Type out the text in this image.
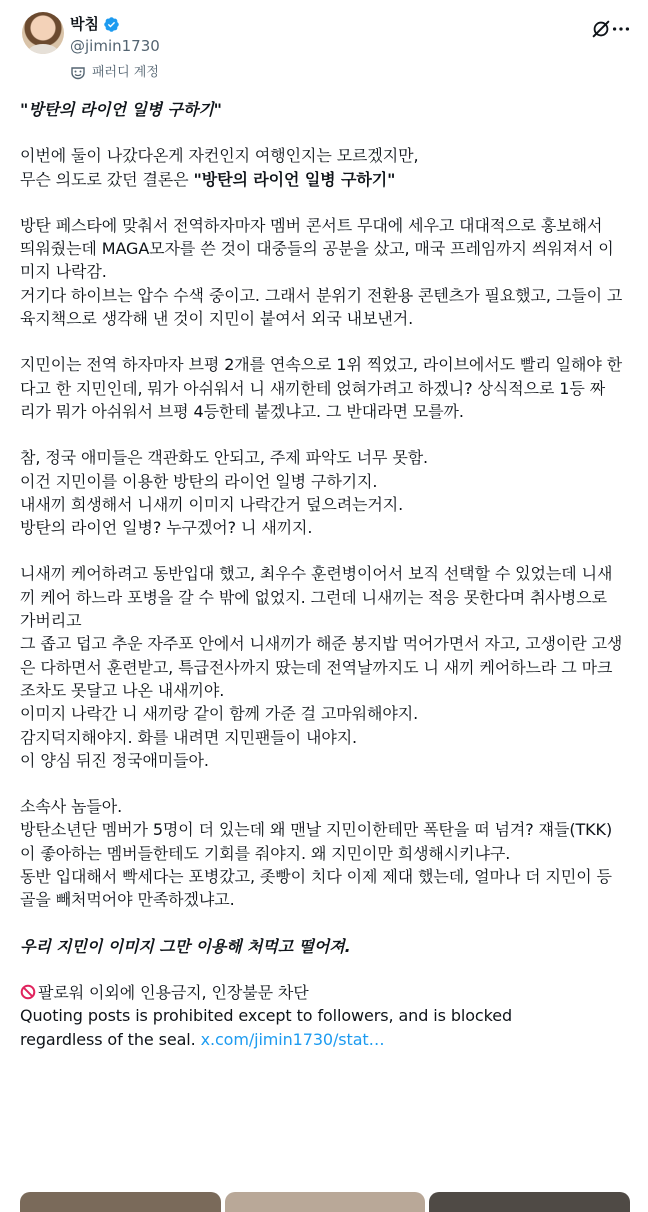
박침
@jimin1730
패러디 계정

"방탄의 라이언 일병 구하기"

이번에 둘이 나갔다온게 자컨인지 여행인지는 모르겠지만,
무슨 의도로 갔던 결론은 "방탄의 라이언 일병 구하기"

방탄 페스타에 맞춰서 전역하자마자 멤버 콘서트 무대에 세우고 대대적으로 홍보해서
띄워줬는데 MAGA모자를 쓴 것이 대중들의 공분을 샀고, 매국 프레임까지 씌워져서 이
미지 나락감.
거기다 하이브는 압수 수색 중이고. 그래서 분위기 전환용 콘텐츠가 필요했고, 그들이 고
육지책으로 생각해 낸 것이 지민이 붙여서 외국 내보낸거.

지민이는 전역 하자마자 브평 2개를 연속으로 1위 찍었고, 라이브에서도 빨리 일해야 한
다고 한 지민인데, 뭐가 아쉬워서 니 새끼한테 얹혀가려고 하겠니? 상식적으로 1등 짜
리가 뭐가 아쉬워서 브평 4등한테 붙겠냐고. 그 반대라면 모를까.

참, 정국 애미들은 객관화도 안되고, 주제 파악도 너무 못함.
이건 지민이를 이용한 방탄의 라이언 일병 구하기지.
내새끼 희생해서 니새끼 이미지 나락간거 덮으려는거지.
방탄의 라이언 일병? 누구겠어? 니 새끼지.

니새끼 케어하려고 동반입대 했고, 최우수 훈련병이어서 보직 선택할 수 있었는데 니새
끼 케어 하느라 포병을 갈 수 밖에 없었지. 그런데 니새끼는 적응 못한다며 취사병으로
가버리고
그 좁고 덥고 추운 자주포 안에서 니새끼가 해준 봉지밥 먹어가면서 자고, 고생이란 고생
은 다하면서 훈련받고, 특급전사까지 땄는데 전역날까지도 니 새끼 케어하느라 그 마크
조차도 못달고 나온 내새끼야.
이미지 나락간 니 새끼랑 같이 함께 가준 걸 고마워해야지.
감지덕지해야지. 화를 내려면 지민팬들이 내야지.
이 양심 뒤진 정국애미들아.

소속사 놈들아.
방탄소년단 멤버가 5명이 더 있는데 왜 맨날 지민이한테만 폭탄을 떠 넘겨? 쟤들(TKK)
이 좋아하는 멤버들한테도 기회를 줘야지. 왜 지민이만 희생해시키냐구.
동반 입대해서 빡세다는 포병갔고, 좃빵이 치다 이제 제대 했는데, 얼마나 더 지민이 등
골을 빼처먹어야 만족하겠냐고.

우리 지민이 이미지 그만 이용해 처먹고 떨어져.

팔로워 이외에 인용금지, 인장불문 차단
Quoting posts is prohibited except to followers, and is blocked
regardless of the seal. x.com/jimin1730/stat…
